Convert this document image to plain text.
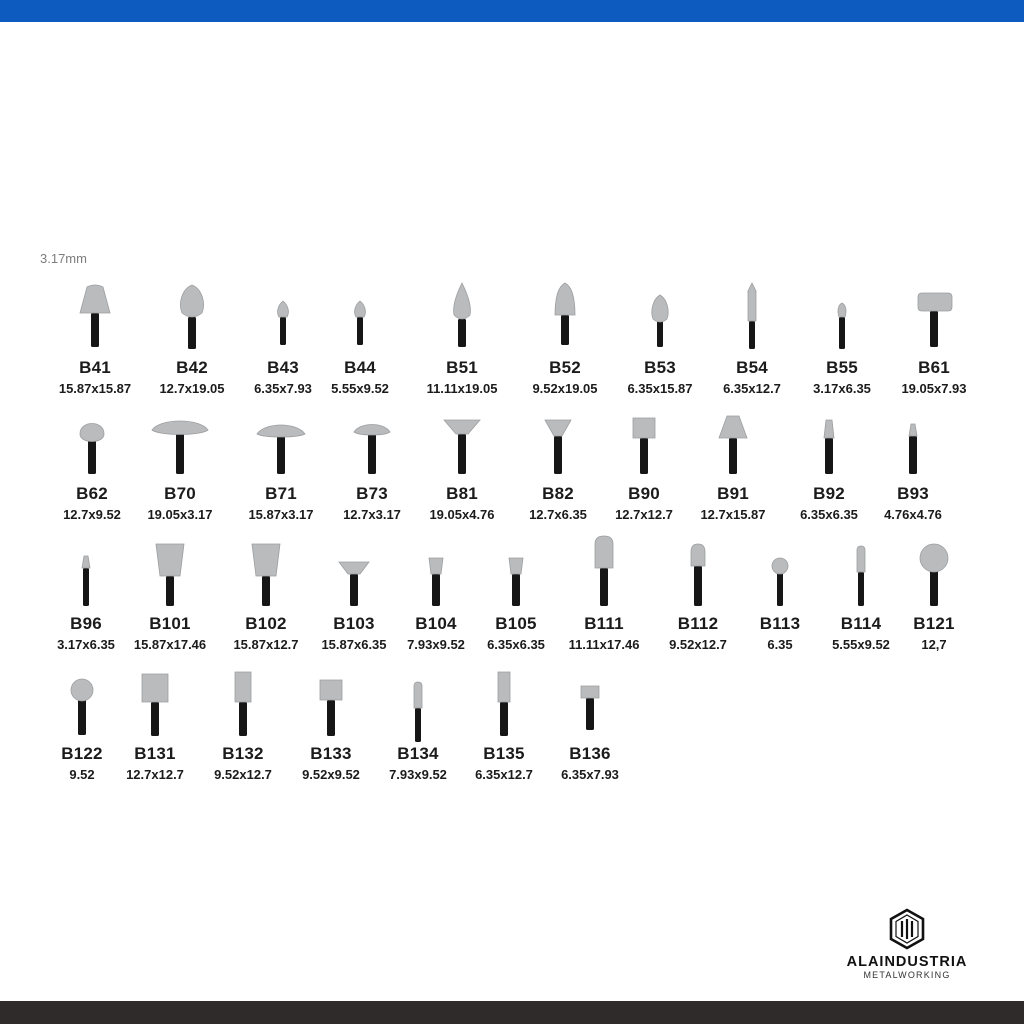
3.17mm
B41
15.87x15.87
B42
12.7x19.05
B43
6.35x7.93
B44
5.55x9.52
B51
11.11x19.05
B52
9.52x19.05
B53
6.35x15.87
B54
6.35x12.7
B55
3.17x6.35
B61
19.05x7.93
B62
12.7x9.52
B70
19.05x3.17
B71
15.87x3.17
B73
12.7x3.17
B81
19.05x4.76
B82
12.7x6.35
B90
12.7x12.7
B91
12.7x15.87
B92
6.35x6.35
B93
4.76x4.76
B96
3.17x6.35
B101
15.87x17.46
B102
15.87x12.7
B103
15.87x6.35
B104
7.93x9.52
B105
6.35x6.35
B111
11.11x17.46
B112
9.52x12.7
B113
6.35
B114
5.55x9.52
B121
12,7
B122
9.52
B131
12.7x12.7
B132
9.52x12.7
B133
9.52x9.52
B134
7.93x9.52
B135
6.35x12.7
B136
6.35x7.93
ALAINDUSTRIA
METALWORKING
